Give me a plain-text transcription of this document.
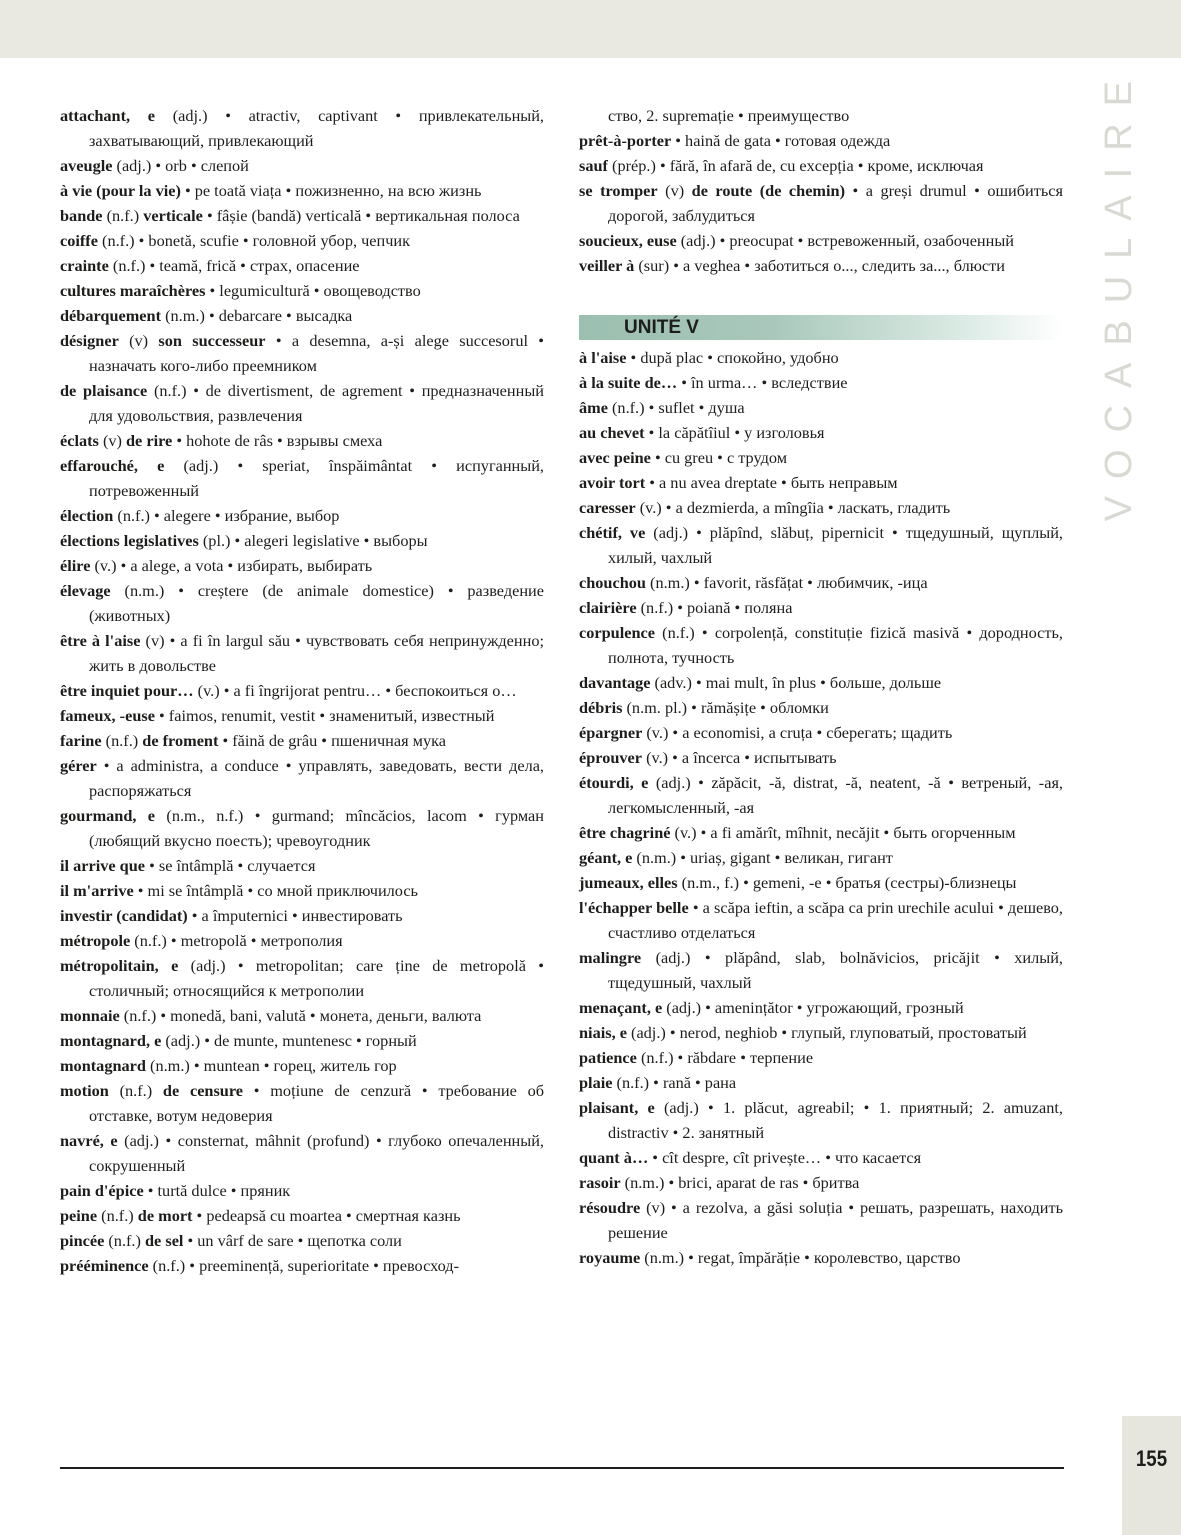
VOCABULAIRE
attachant, e (adj.) • atractiv, captivant • привлекательный, захватывающий, привлекающий
aveugle (adj.) • orb • слепой
à vie (pour la vie) • pe toată viața • пожизненно, на всю жизнь
bande (n.f.) verticale • fâșie (bandă) verticală • вертикальная полоса
coiffe (n.f.) • bonetă, scufie • головной убор, чепчик
crainte (n.f.) • teamă, frică • страх, опасение
cultures maraîchères • legumicultură • овощеводство
débarquement (n.m.) • debarcare • высадка
désigner (v) son successeur • a desemna, a-și alege succesorul • назначать кого-либо преемником
de plaisance (n.f.) • de divertisment, de agrement • предназначенный для удовольствия, развлечения
éclats (v) de rire • hohote de râs • взрывы смеха
effarouché, e (adj.) • speriat, înspăimântat • испуганный, потревоженный
élection (n.f.) • alegere • избрание, выбор
élections legislatives (pl.) • alegeri legislative • выборы
élire (v.) • a alege, a vota • избирать, выбирать
élevage (n.m.) • creștere (de animale domestice) • разведение (животных)
être à l'aise (v) • a fi în largul său • чувствовать себя непринужденно; жить в довольстве
être inquiet pour… (v.) • a fi îngrijorat pentru… • беспокоиться о…
fameux, -euse • faimos, renumit, vestit • знаменитый, известный
farine (n.f.) de froment • făină de grâu • пшеничная мука
gérer • a administra, a conduce • управлять, заведовать, вести дела, распоряжаться
gourmand, e (n.m., n.f.) • gurmand; mîncăcios, lacom • гурман (любящий вкусно поесть); чревоугодник
il arrive que • se întâmplă • случается
il m'arrive • mi se întâmplă • со мной приключилось
investir (candidat) • a împuternici • инвестировать
métropole (n.f.) • metropolă • метрополия
métropolitain, e (adj.) • metropolitan; care ține de metropolă • столичный; относящийся к метрополии
monnaie (n.f.) • monedă, bani, valută • монета, деньги, валюта
montagnard, e (adj.) • de munte, muntenesc • горный
montagnard (n.m.) • muntean • горец, житель гор
motion (n.f.) de censure • moțiune de cenzură • требование об отставке, вотум недоверия
navré, e (adj.) • consternat, mâhnit (profund) • глубоко опечаленный, сокрушенный
pain d'épice • turtă dulce • пряник
peine (n.f.) de mort • pedeapsă cu moartea • смертная казнь
pincée (n.f.) de sel • un vârf de sare • щепотка соли
prééminence (n.f.) • preeminență, superioritate • превосход-
ство, 2. supremație • преимущество
prêt-à-porter • haină de gata • готовая одежда
sauf (prép.) • fără, în afară de, cu excepția • кроме, исключая
se tromper (v) de route (de chemin) • a greși drumul • ошибиться дорогой, заблудиться
soucieux, euse (adj.) • preocupat • встревоженный, озабоченный
veiller à (sur) • a veghea • заботиться о..., следить за..., блюсти
UNITÉ V
à l'aise • după plac • спокойно, удобно
à la suite de… • în urma… • вследствие
âme (n.f.) • suflet • душа
au chevet • la căpătîiul • у изголовья
avec peine • cu greu • с трудом
avoir tort • a nu avea dreptate • быть неправым
caresser (v.) • a dezmierda, a mîngîia • ласкать, гладить
chétif, ve (adj.) • plăpînd, slăbuț, pipernicit • тщедушный, щуплый, хилый, чахлый
chouchou (n.m.) • favorit, răsfățat • любимчик, -ица
clairière (n.f.) • poiană • поляна
corpulence (n.f.) • corpolență, constituție fizică masivă • дородность, полнота, тучность
davantage (adv.) • mai mult, în plus • больше, дольше
débris (n.m. pl.) • rămășițe • обломки
épargner (v.) • a economisi, a cruța • сберегать; щадить
éprouver (v.) • a încerca • испытывать
étourdi, e (adj.) • zăpăcit, -ă, distrat, -ă, neatent, -ă • ветреный, -ая, легкомысленный, -ая
être chagriné (v.) • a fi amărît, mîhnit, necăjit • быть огорченным
géant, e (n.m.) • uriaș, gigant • великан, гигант
jumeaux, elles (n.m., f.) • gemeni, -e • братья (сестры)-близнецы
l'échapper belle • a scăpa ieftin, a scăpa ca prin urechile acului • дешево, счастливо отделаться
malingre (adj.) • plăpând, slab, bolnăvicios, pricăjit • хилый, тщедушный, чахлый
menaçant, e (adj.) • amenințător • угрожающий, грозный
niais, e (adj.) • nerod, neghiob • глупый, глуповатый, простоватый
patience (n.f.) • răbdare • терпение
plaie (n.f.) • rană • рана
plaisant, e (adj.) • 1. plăcut, agreabil; • 1. приятный; 2. amuzant, distractiv • 2. занятный
quant à… • cît despre, cît privește… • что касается
rasoir (n.m.) • brici, aparat de ras • бритва
résoudre (v) • a rezolva, a găsi soluția • решать, разрешать, находить решение
royaume (n.m.) • regat, împărăție • королевство, царство
155
